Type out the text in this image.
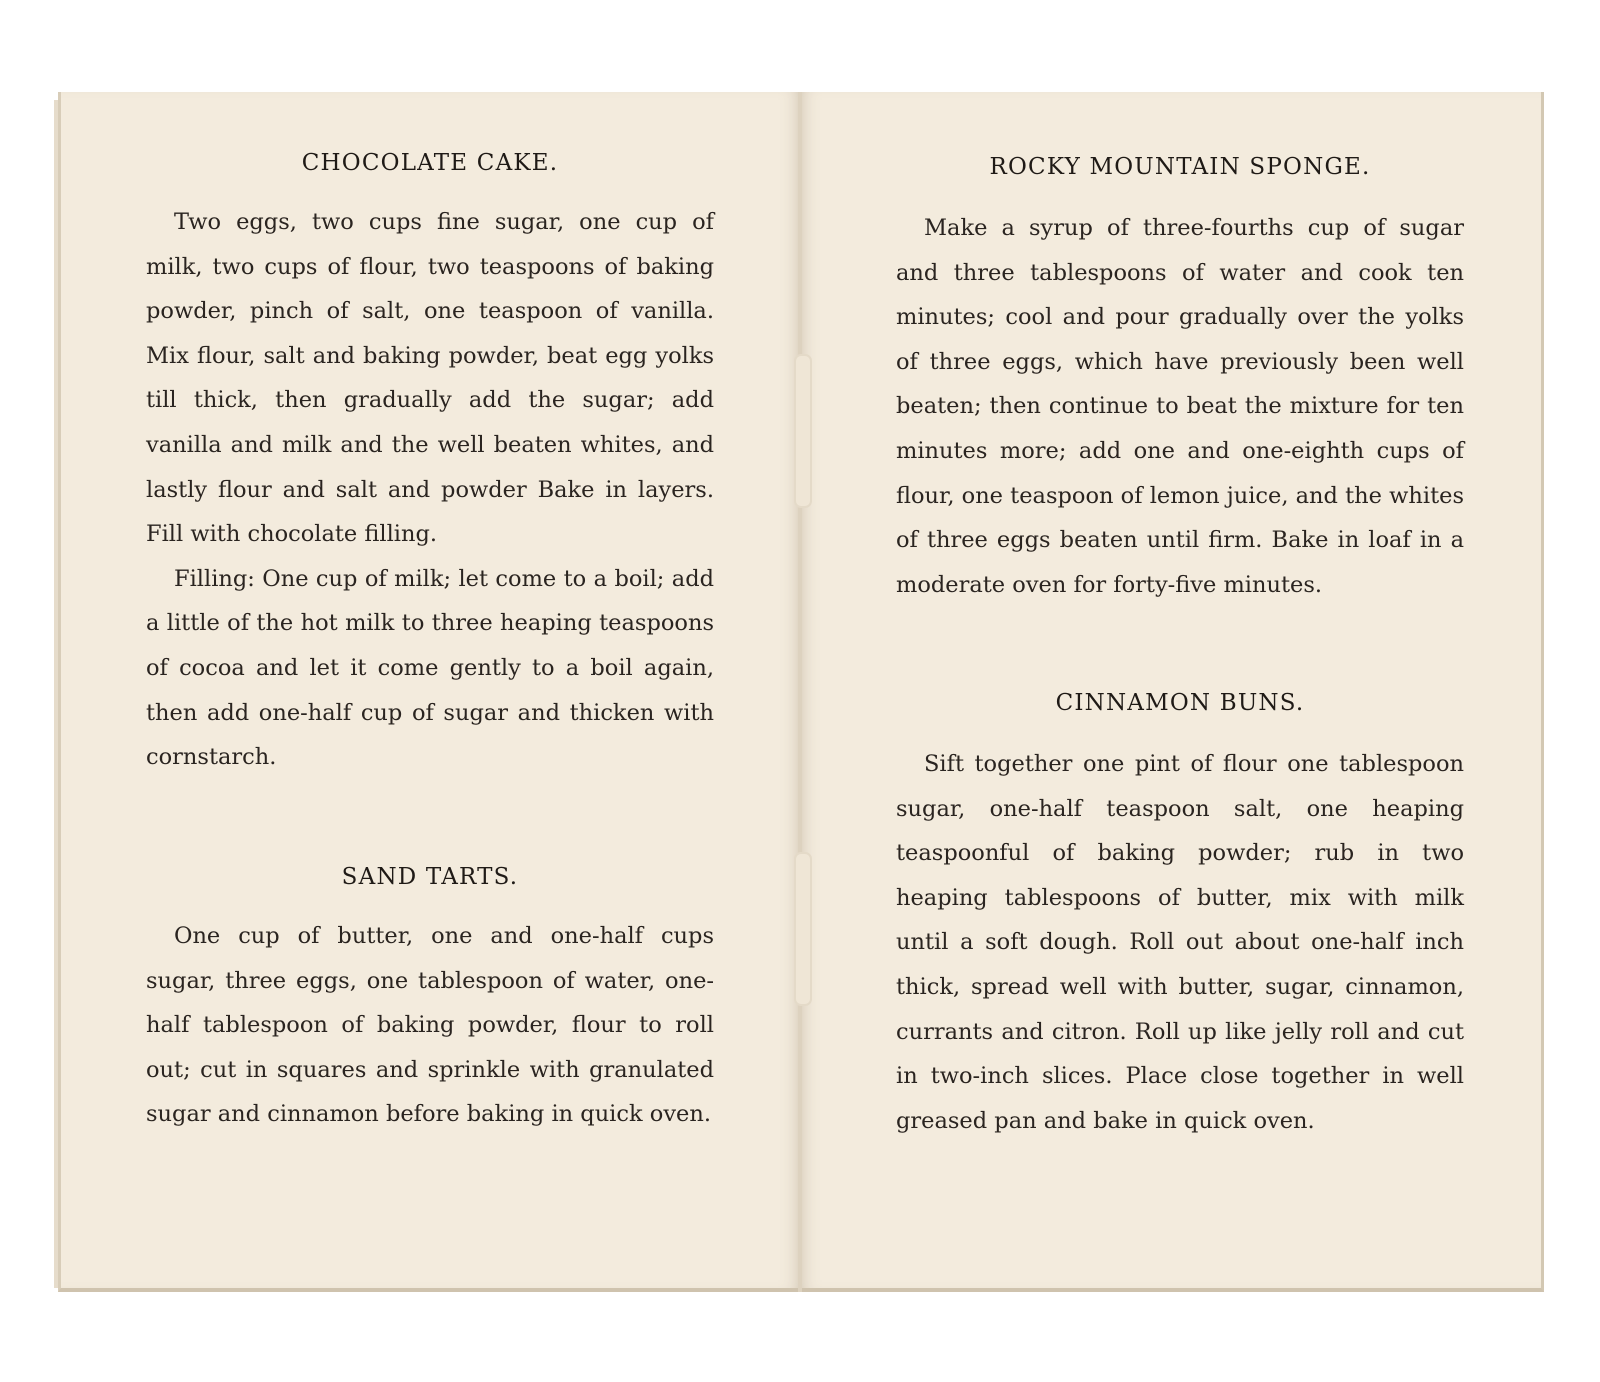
CHOCOLATE CAKE.

Two eggs, two cups fine sugar, one cup of milk, two cups of flour, two teaspoons of baking powder, pinch of salt, one teaspoon of vanilla. Mix flour, salt and baking powder, beat egg yolks till thick, then gradually add the sugar; add vanilla and milk and the well beaten whites, and lastly flour and salt and powder Bake in layers. Fill with chocolate filling.

Filling: One cup of milk; let come to a boil; add a little of the hot milk to three heaping teaspoons of cocoa and let it come gently to a boil again, then add one-half cup of sugar and thicken with cornstarch.

SAND TARTS.

One cup of butter, one and one-half cups sugar, three eggs, one tablespoon of water, one-half tablespoon of baking powder, flour to roll out; cut in squares and sprinkle with granulated sugar and cinnamon before baking in quick oven.

ROCKY MOUNTAIN SPONGE.

Make a syrup of three-fourths cup of sugar and three tablespoons of water and cook ten minutes; cool and pour gradually over the yolks of three eggs, which have previously been well beaten; then continue to beat the mixture for ten minutes more; add one and one-eighth cups of flour, one teaspoon of lemon juice, and the whites of three eggs beaten until firm. Bake in loaf in a moderate oven for forty-five minutes.

CINNAMON BUNS.

Sift together one pint of flour one tablespoon sugar, one-half teaspoon salt, one heaping teaspoonful of baking powder; rub in two heaping tablespoons of butter, mix with milk until a soft dough. Roll out about one-half inch thick, spread well with butter, sugar, cinnamon, currants and citron. Roll up like jelly roll and cut in two-inch slices. Place close together in well greased pan and bake in quick oven.
